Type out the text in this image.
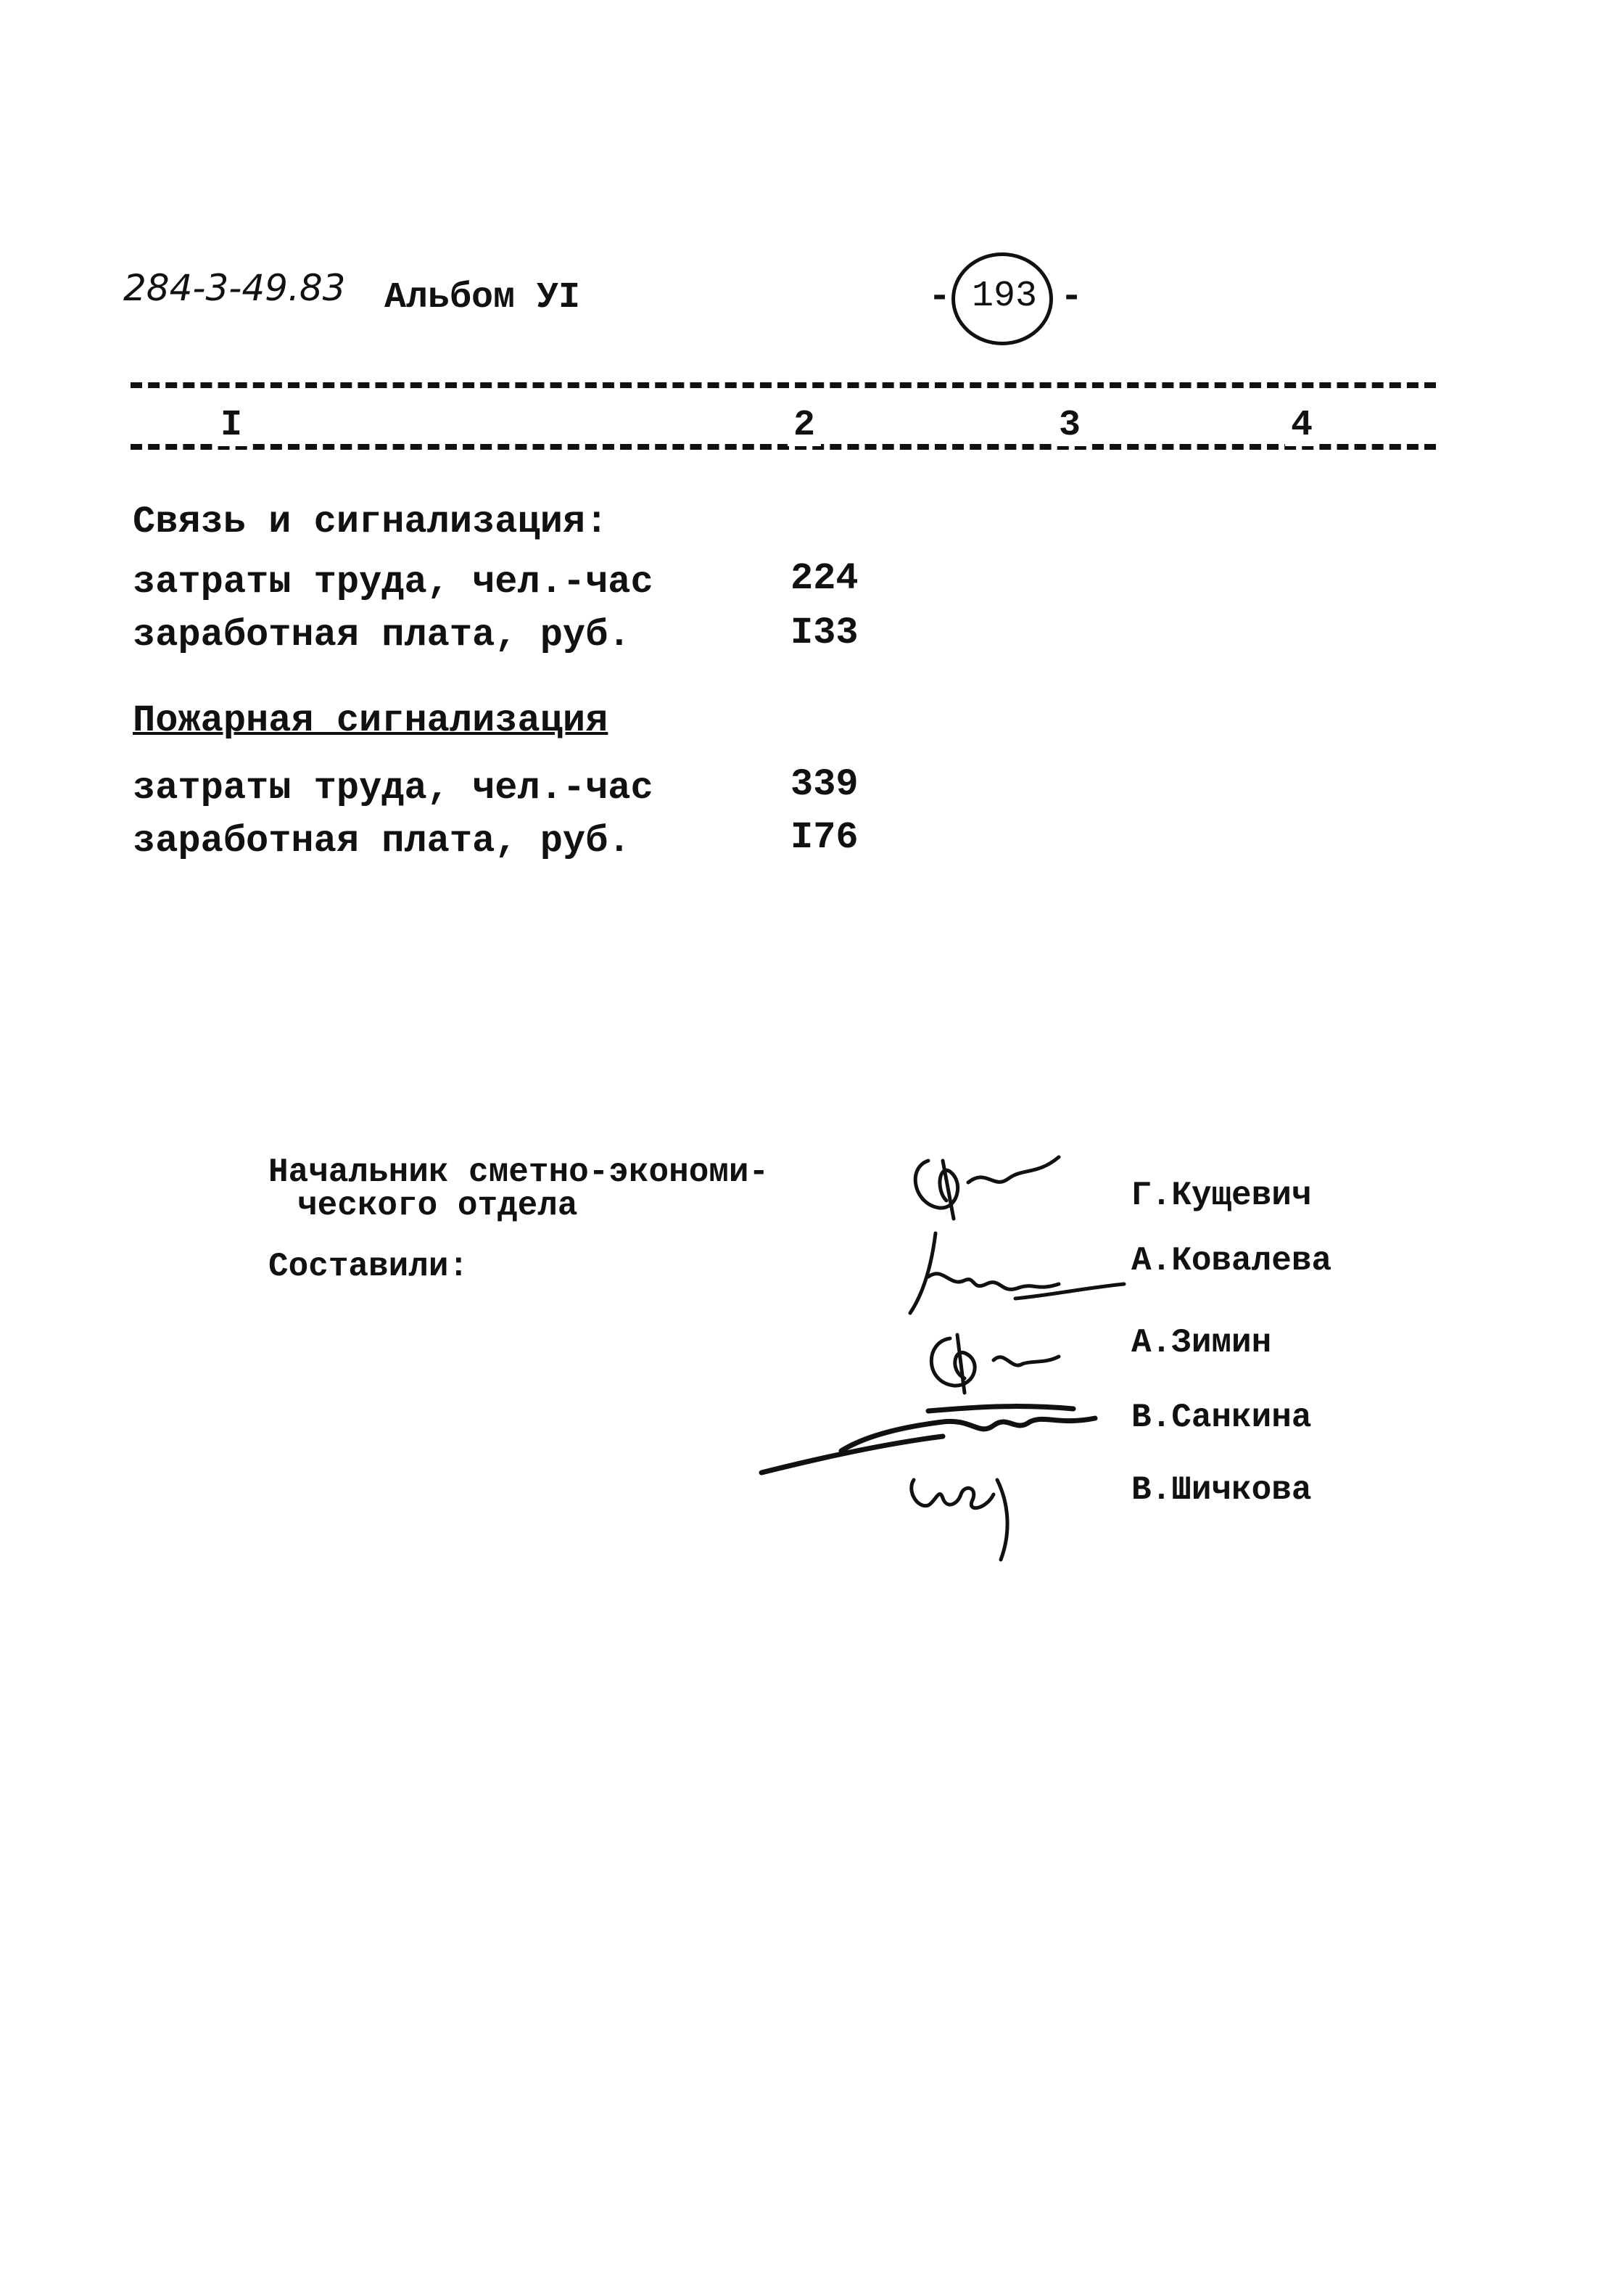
284-3-49.83 Альбом УI	- 193 -
I	2	3	4
Связь и сигнализация:
затраты труда, чел.-час	224
заработная плата, руб.	I33
Пожарная сигнализация
затраты труда, чел.-час	339
заработная плата, руб.	I76
Начальник сметно-экономи-
ческого отдела
Составили:
Г.Кущевич
А.Ковалева
А.Зимин
В.Санкина
В.Шичкова
